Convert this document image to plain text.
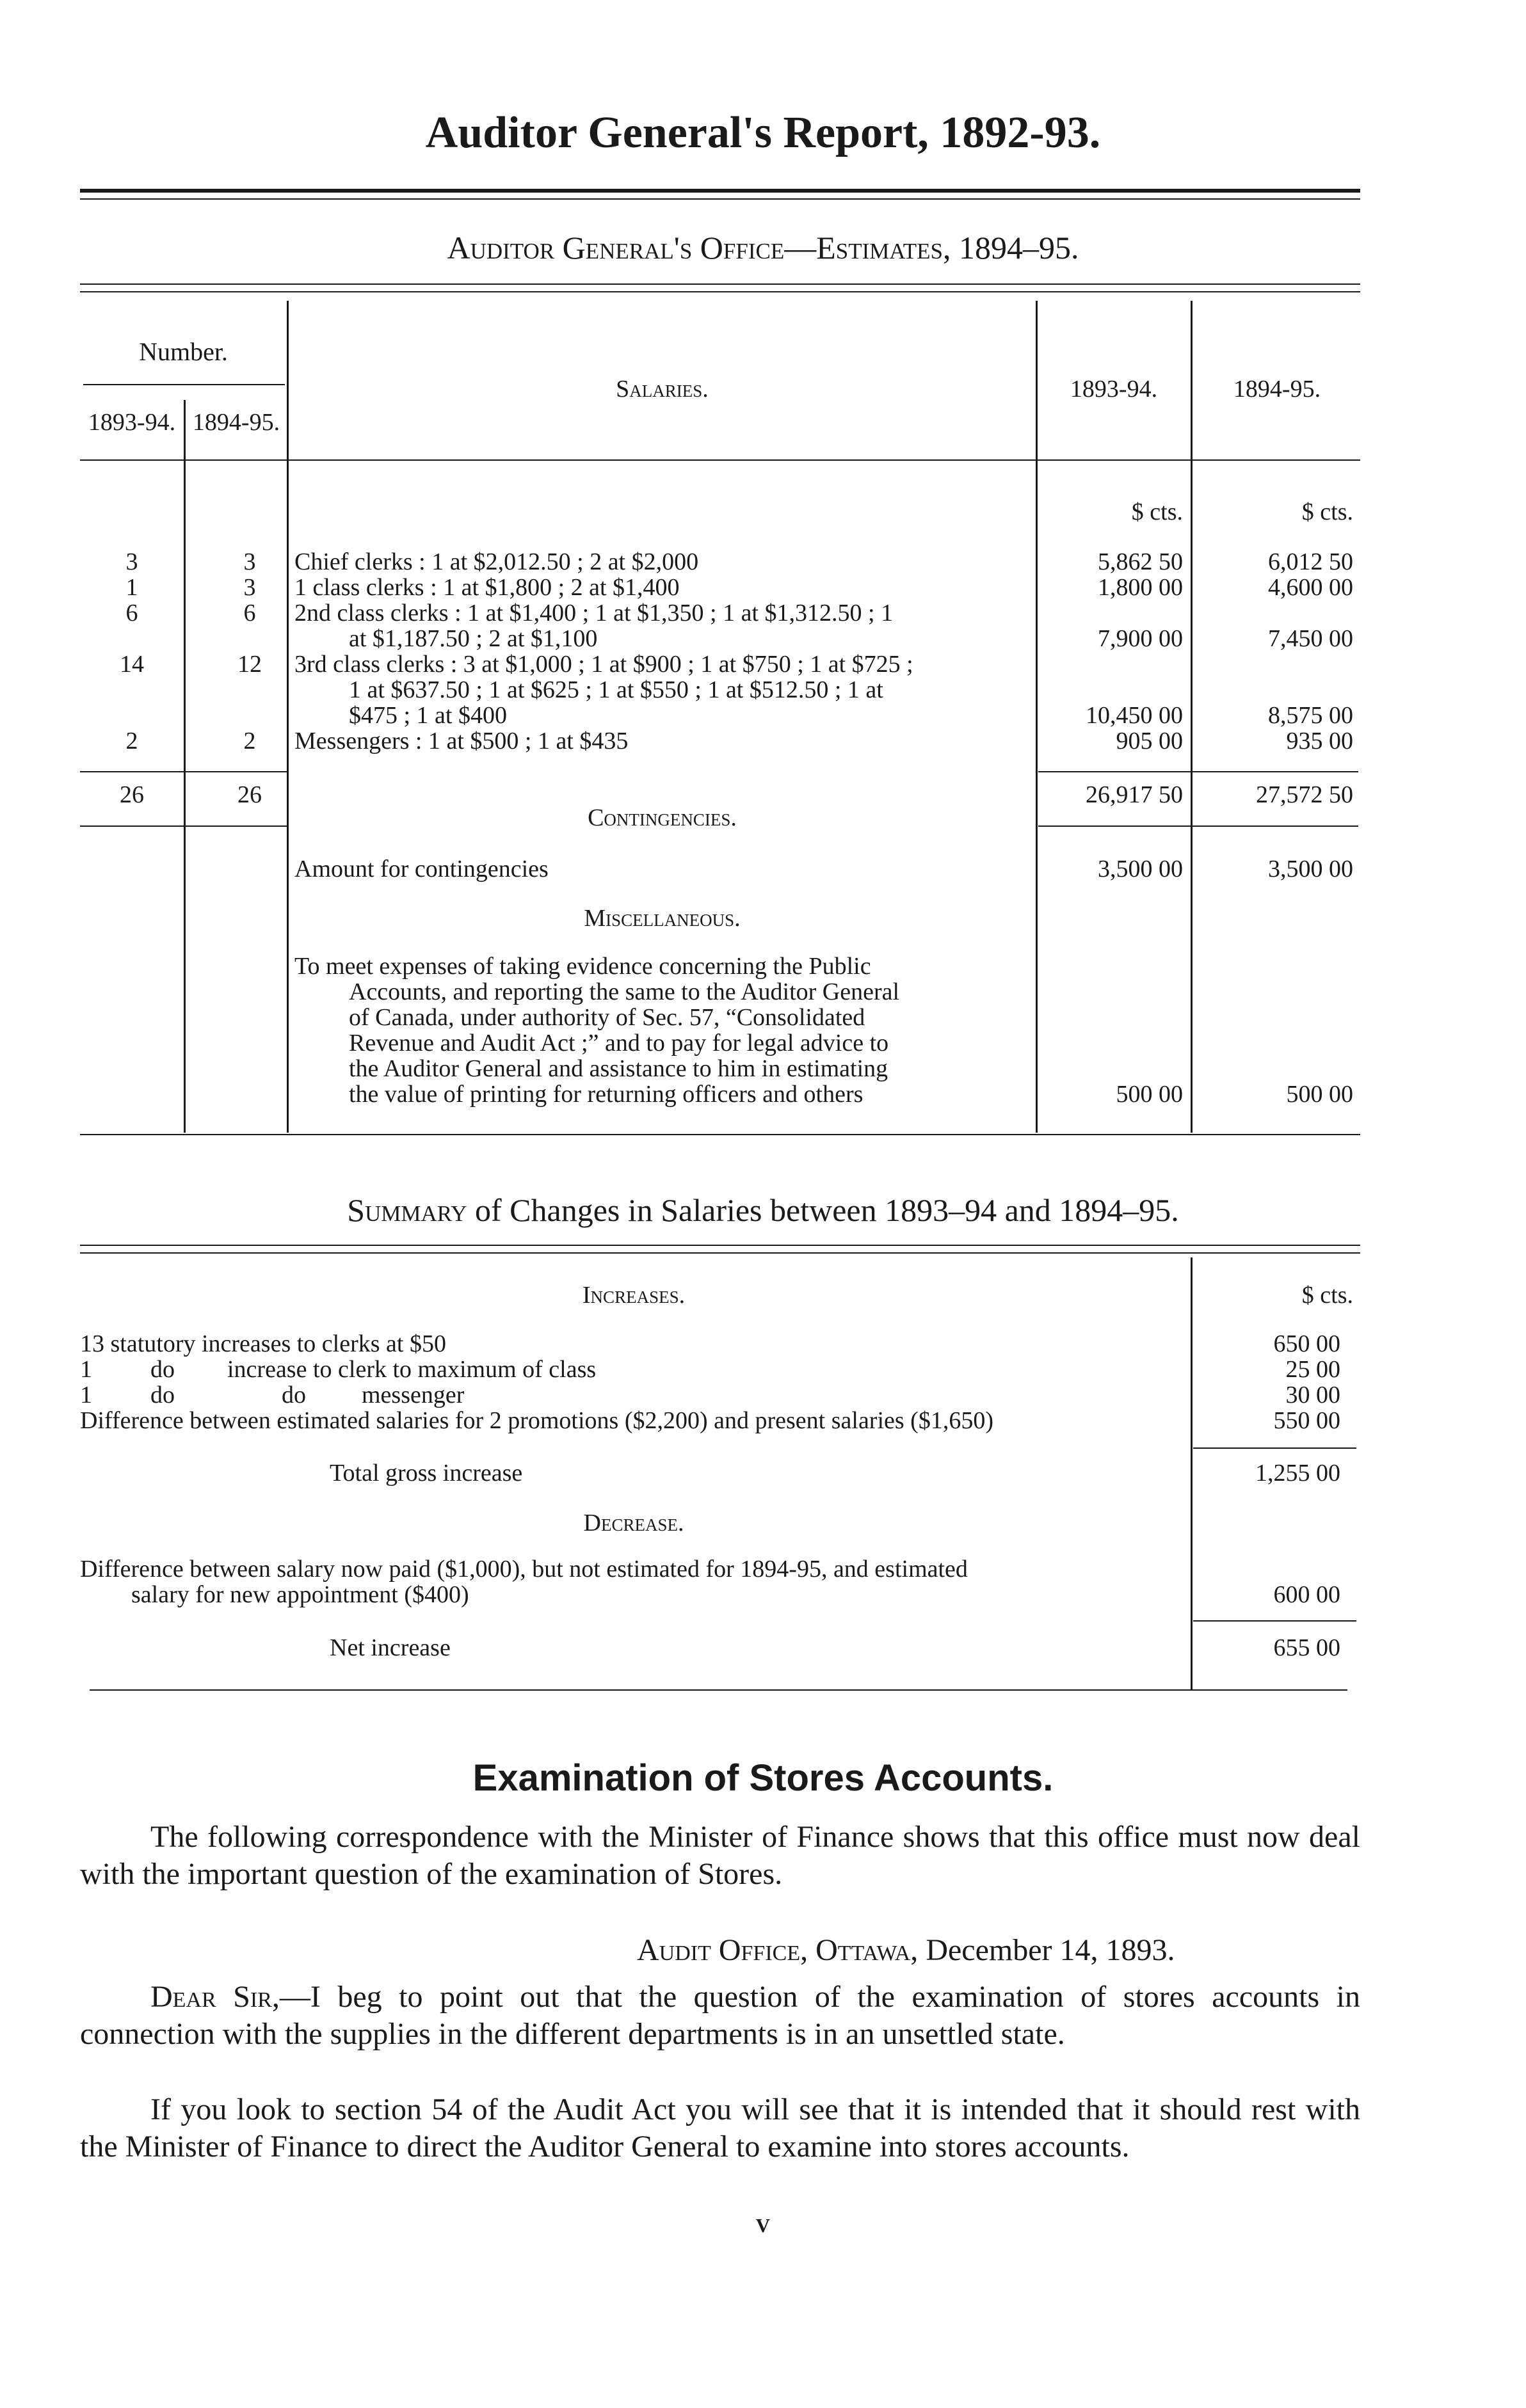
Auditor General's Report, 1892-93.
Auditor General's Office—Estimates, 1894–95.
Number.
1893-94. 1894-95.
Salaries.	1893-94.	1894-95.
$ cts.	$ cts.
3	3	Chief clerks : 1 at $2,012.50 ; 2 at $2,000	5,862 50	6,012 50
1	3	1 class clerks : 1 at $1,800 ; 2 at $1,400	1,800 00	4,600 00
6	6	2nd class clerks : 1 at $1,400 ; 1 at $1,350 ; 1 at $1,312.50 ; 1
at $1,187.50 ; 2 at $1,100	7,900 00	7,450 00
14	12	3rd class clerks : 3 at $1,000 ; 1 at $900 ; 1 at $750 ; 1 at $725 ;
1 at $637.50 ; 1 at $625 ; 1 at $550 ; 1 at $512.50 ; 1 at
$475 ; 1 at $400	10,450 00	8,575 00
2	2	Messengers : 1 at $500 ; 1 at $435	905 00	935 00
26	26	26,917 50	27,572 50
Contingencies.
Amount for contingencies	3,500 00	3,500 00
Miscellaneous.
To meet expenses of taking evidence concerning the Public
Accounts, and reporting the same to the Auditor General
of Canada, under authority of Sec. 57, “Consolidated
Revenue and Audit Act ;” and to pay for legal advice to
the Auditor General and assistance to him in estimating
the value of printing for returning officers and others	500 00	500 00
Summary of Changes in Salaries between 1893–94 and 1894–95.
Increases.	$ cts.
13 statutory increases to clerks at $50	650 00
1 do increase to clerk to maximum of class	25 00
1 do	do messenger	30 00
Difference between estimated salaries for 2 promotions ($2,200) and present salaries ($1,650)	550 00
Total gross increase	1,255 00
Decrease.
Difference between salary now paid ($1,000), but not estimated for 1894-95, and estimated
salary for new appointment ($400)	600 00
Net increase	655 00
Examination of Stores Accounts.
The following correspondence with the Minister of Finance shows that this office must now deal with the important question of the examination of Stores.
Audit Office, Ottawa, December 14, 1893.
Dear Sir,—I beg to point out that the question of the examination of stores accounts in connection with the supplies in the different departments is in an unsettled state.
If you look to section 54 of the Audit Act you will see that it is intended that it should rest with the Minister of Finance to direct the Auditor General to examine into stores accounts.
v
